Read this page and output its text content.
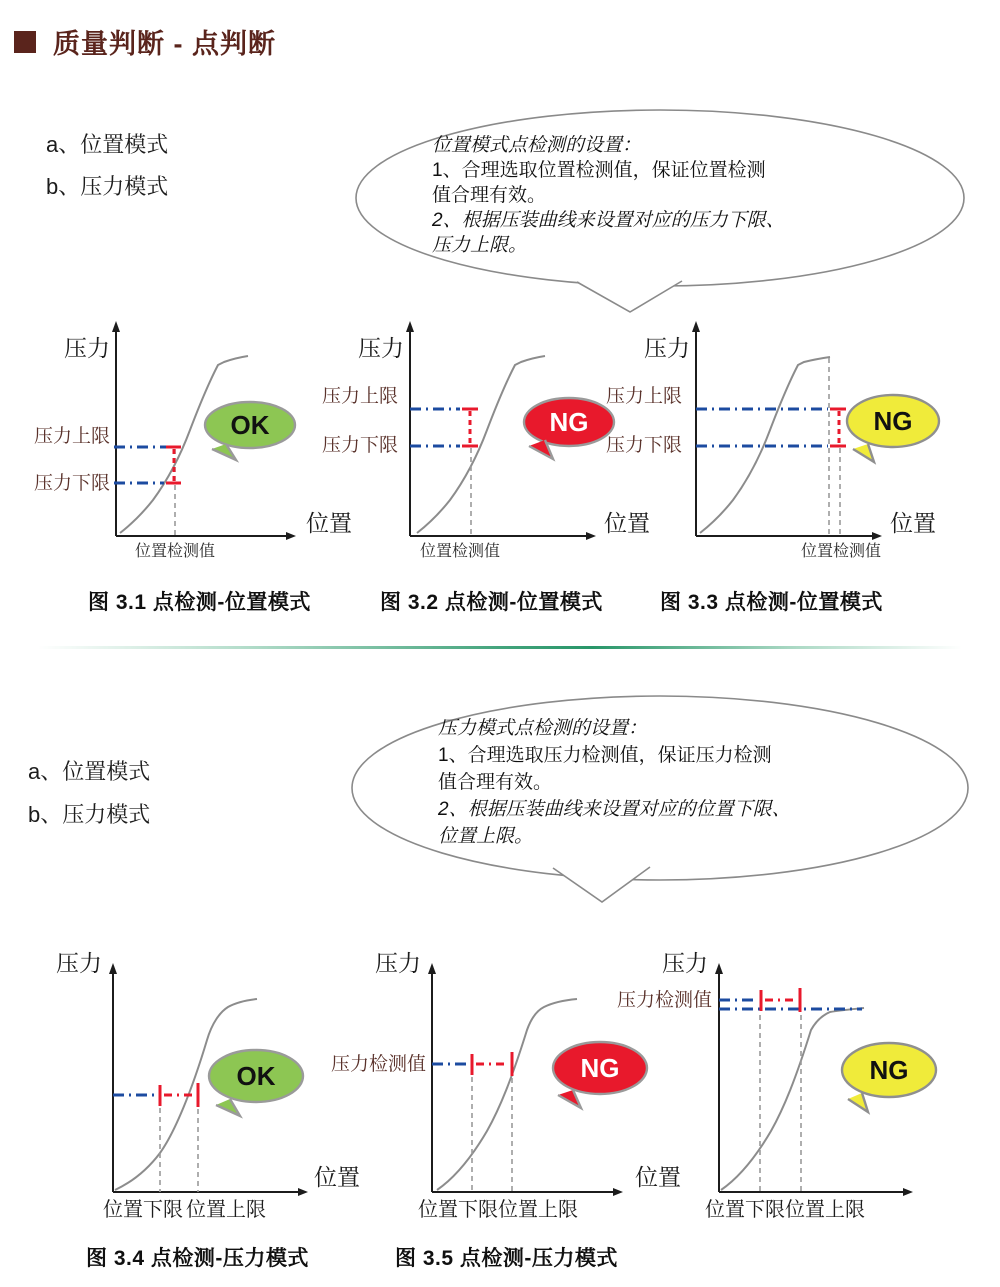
质量判断 - 点判断
a、位置模式
b、压力模式
位置模式点检测的设置：
1、合理选取位置检测值，保证位置检测
值合理有效。
2、根据压装曲线来设置对应的压力下限、
压力上限。
压力
位置
压力上限
压力下限
位置检测值
OK
压力
位置
压力上限
压力下限
位置检测值
NG
压力
位置
压力上限
压力下限
位置检测值
NG
图 3.1 点检测-位置模式	图 3.2 点检测-位置模式	图 3.3 点检测-位置模式
a、位置模式
b、压力模式
压力模式点检测的设置：
1、合理选取压力检测值，保证压力检测
值合理有效。
2、根据压装曲线来设置对应的位置下限、
位置上限。
压力
位置
位置下限 位置上限
OK
压力
位置
压力检测值
位置下限 位置上限
NG
压力
压力检测值
位置下限 位置上限
NG
图 3.4 点检测-压力模式	图 3.5 点检测-压力模式
